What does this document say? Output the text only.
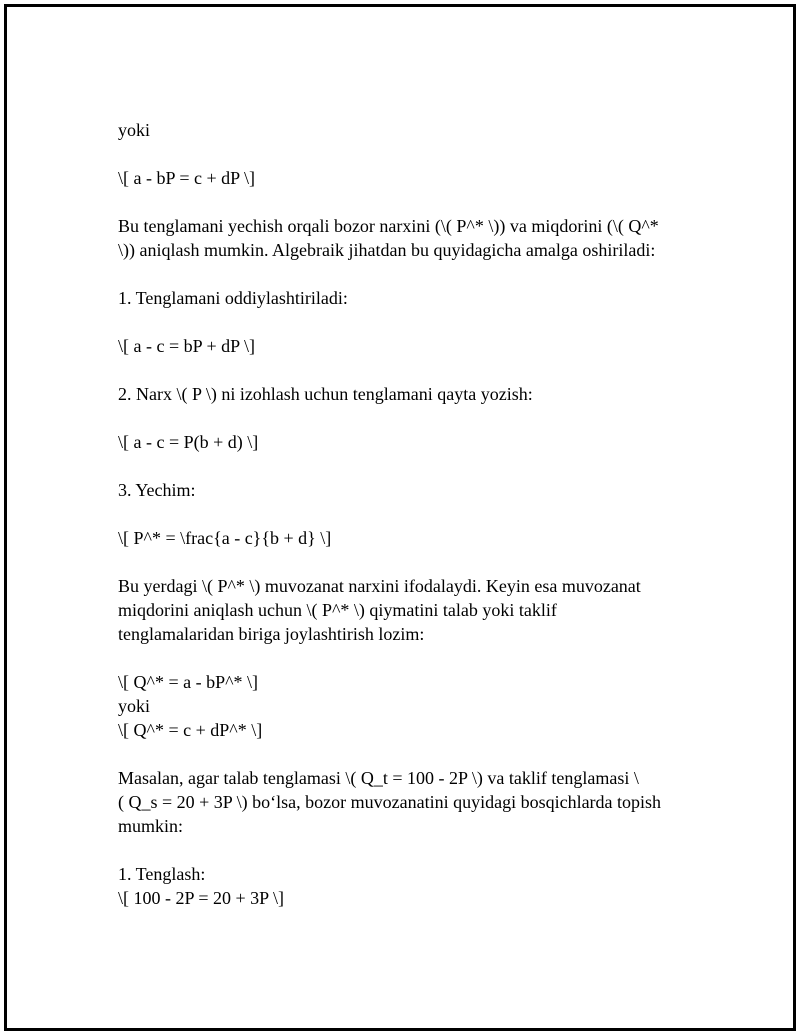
yoki

\[ a - bP = c + dP \]

Bu tenglamani yechish orqali bozor narxini (\( P^* \)) va miqdorini (\( Q^*

\)) aniqlash mumkin. Algebraik jihatdan bu quyidagicha amalga oshiriladi:

1. Tenglamani oddiylashtiriladi:

\[ a - c = bP + dP \]

2. Narx \( P \) ni izohlash uchun tenglamani qayta yozish:

\[ a - c = P(b + d) \]

3. Yechim:

\[ P^* = \frac{a - c}{b + d} \]

Bu yerdagi \( P^* \) muvozanat narxini ifodalaydi. Keyin esa muvozanat

miqdorini aniqlash uchun \( P^* \) qiymatini talab yoki taklif

tenglamalaridan biriga joylashtirish lozim:

\[ Q^* = a - bP^* \]

yoki

\[ Q^* = c + dP^* \]

Masalan, agar talab tenglamasi \( Q_t = 100 - 2P \) va taklif tenglamasi \

( Q_s = 20 + 3P \) bo‘lsa, bozor muvozanatini quyidagi bosqichlarda topish

mumkin:

1. Tenglash:

\[ 100 - 2P = 20 + 3P \]
